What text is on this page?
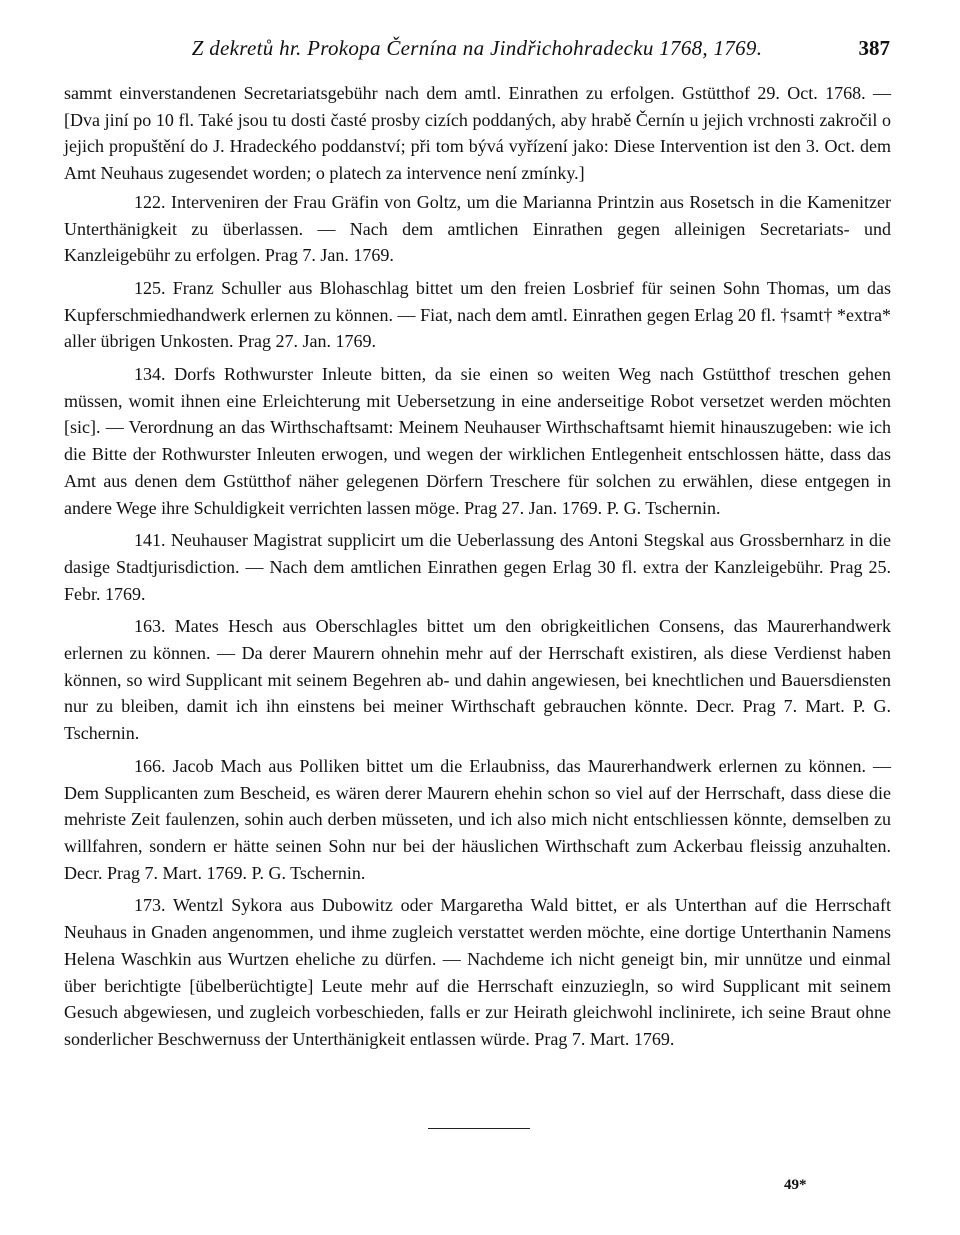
Z dekretů hr. Prokopa Černína na Jindřichohradecku 1768, 1769.	387

sammt einverstandenen Secretariatsgebühr nach dem amtl. Einrathen zu erfolgen. Gstütthof 29. Oct. 1768. — [Dva jiní po 10 fl. Také jsou tu dosti časté prosby cizích poddaných, aby hrabě Černín u jejich vrchnosti zakročil o jejich propuštění do J. Hradeckého poddanství; při tom bývá vyřízení jako: Diese Intervention ist den 3. Oct. dem Amt Neuhaus zugesendet worden; o platech za intervence není zmínky.]

122. Interveniren der Frau Gräfin von Goltz, um die Marianna Printzin aus Rosetsch in die Kamenitzer Unterthänigkeit zu überlassen. — Nach dem amtlichen Einrathen gegen alleinigen Secretariats- und Kanzleigebühr zu erfolgen. Prag 7. Jan. 1769.

125. Franz Schuller aus Blohaschlag bittet um den freien Losbrief für seinen Sohn Thomas, um das Kupferschmiedhandwerk erlernen zu können. — Fiat, nach dem amtl. Einrathen gegen Erlag 20 fl. †samt† *extra* aller übrigen Unkosten. Prag 27. Jan. 1769.

134. Dorfs Rothwurster Inleute bitten, da sie einen so weiten Weg nach Gstütthof treschen gehen müssen, womit ihnen eine Erleichterung mit Uebersetzung in eine anderseitige Robot versetzet werden möchten [sic]. — Verordnung an das Wirthschaftsamt: Meinem Neuhauser Wirthschaftsamt hiemit hinauszugeben: wie ich die Bitte der Rothwurster Inleuten erwogen, und wegen der wirklichen Entlegenheit entschlossen hätte, dass das Amt aus denen dem Gstütthof näher gelegenen Dörfern Treschere für solchen zu erwählen, diese entgegen in andere Wege ihre Schuldigkeit verrichten lassen möge. Prag 27. Jan. 1769. P. G. Tschernin.

141. Neuhauser Magistrat supplicirt um die Ueberlassung des Antoni Stegskal aus Grossbernharz in die dasige Stadtjurisdiction. — Nach dem amtlichen Einrathen gegen Erlag 30 fl. extra der Kanzleigebühr. Prag 25. Febr. 1769.

163. Mates Hesch aus Oberschlagles bittet um den obrigkeitlichen Consens, das Maurerhandwerk erlernen zu können. — Da derer Maurern ohnehin mehr auf der Herrschaft existiren, als diese Verdienst haben können, so wird Supplicant mit seinem Begehren ab- und dahin angewiesen, bei knechtlichen und Bauersdiensten nur zu bleiben, damit ich ihn einstens bei meiner Wirthschaft gebrauchen könnte. Decr. Prag 7. Mart. P. G. Tschernin.

166. Jacob Mach aus Polliken bittet um die Erlaubniss, das Maurerhandwerk erlernen zu können. — Dem Supplicanten zum Bescheid, es wären derer Maurern ehehin schon so viel auf der Herrschaft, dass diese die mehriste Zeit faulenzen, sohin auch derben müsseten, und ich also mich nicht entschliessen könnte, demselben zu willfahren, sondern er hätte seinen Sohn nur bei der häuslichen Wirthschaft zum Ackerbau fleissig anzuhalten. Decr. Prag 7. Mart. 1769. P. G. Tschernin.

173. Wentzl Sykora aus Dubowitz oder Margaretha Wald bittet, er als Unterthan auf die Herrschaft Neuhaus in Gnaden angenommen, und ihme zugleich verstattet werden möchte, eine dortige Unterthanin Namens Helena Waschkin aus Wurtzen eheliche zu dürfen. — Nachdeme ich nicht geneigt bin, mir unnütze und einmal über berichtigte [übelberüchtigte] Leute mehr auf die Herrschaft einzuziegln, so wird Supplicant mit seinem Gesuch abgewiesen, und zugleich vorbeschieden, falls er zur Heirath gleichwohl inclinirete, ich seine Braut ohne sonderlicher Beschwernuss der Unterthänigkeit entlassen würde. Prag 7. Mart. 1769.

49*
